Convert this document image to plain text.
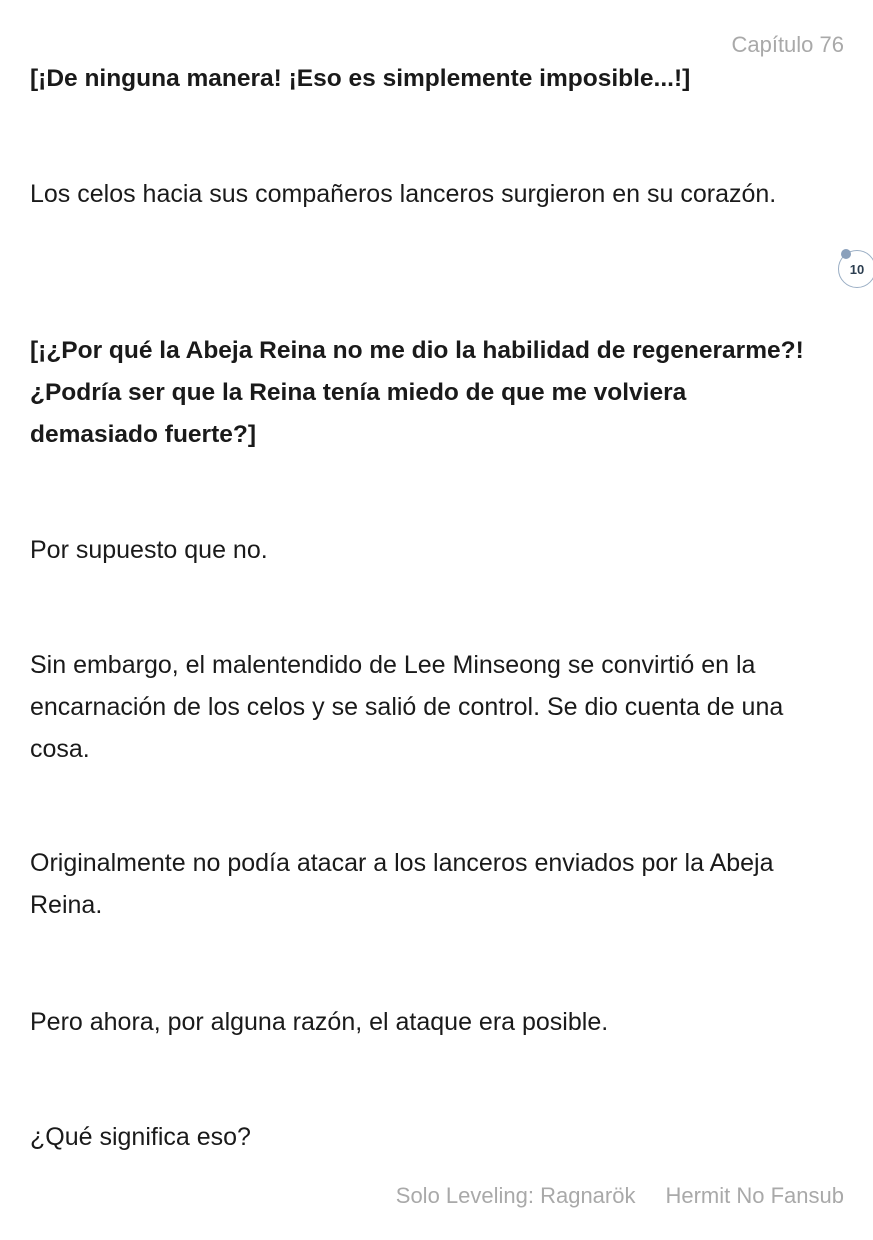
Capítulo 76

[¡De ninguna manera! ¡Eso es simplemente imposible...!]

Los celos hacia sus compañeros lanceros surgieron en su corazón.

[¡¿Por qué la Abeja Reina no me dio la habilidad de regenerarme?! ¿Podría ser que la Reina tenía miedo de que me volviera demasiado fuerte?]

Por supuesto que no.

Sin embargo, el malentendido de Lee Minseong se convirtió en la encarnación de los celos y se salió de control. Se dio cuenta de una cosa.

Originalmente no podía atacar a los lanceros enviados por la Abeja Reina.

Pero ahora, por alguna razón, el ataque era posible.

¿Qué significa eso?

10
Solo Leveling: Ragnarök Hermit No Fansub
